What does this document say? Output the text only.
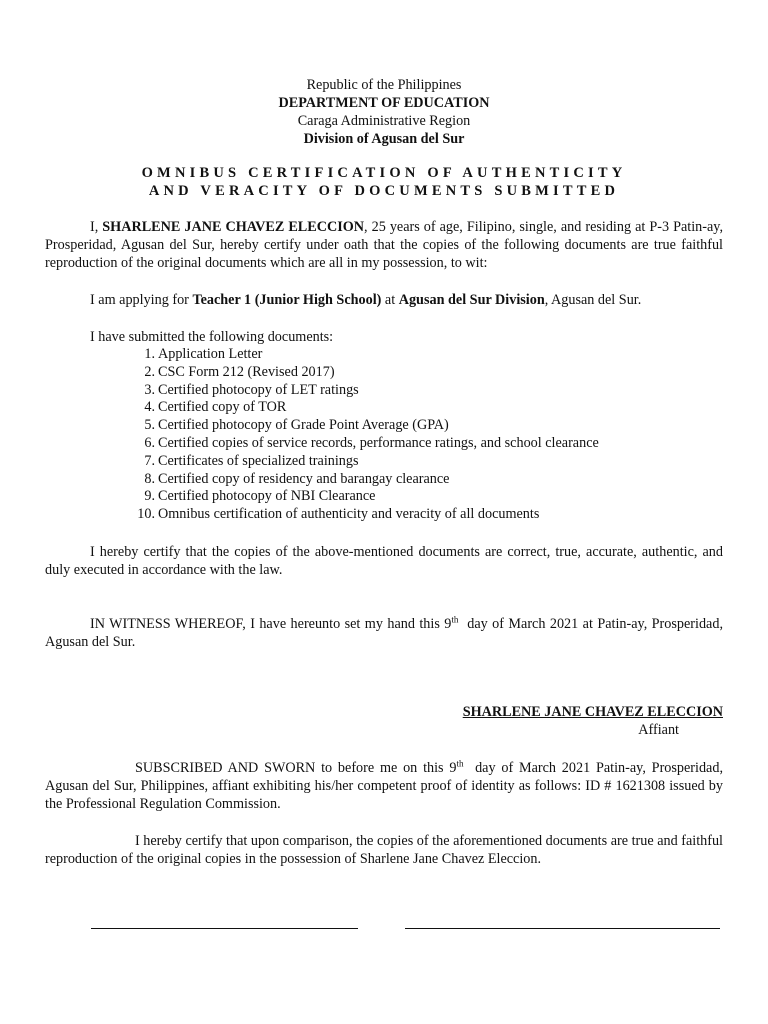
Republic of the Philippines
DEPARTMENT OF EDUCATION
Caraga Administrative Region
Division of Agusan del Sur
OMNIBUS CERTIFICATION OF AUTHENTICITY
AND VERACITY OF DOCUMENTS SUBMITTED

I, SHARLENE JANE CHAVEZ ELECCION, 25 years of age, Filipino, single, and residing at P-3 Patin-ay, Prosperidad, Agusan del Sur, hereby certify under oath that the copies of the following documents are true faithful reproduction of the original documents which are all in my possession, to wit:

I am applying for Teacher 1 (Junior High School) at Agusan del Sur Division, Agusan del Sur.

I have submitted the following documents:

1. Application Letter
2. CSC Form 212 (Revised 2017)
3. Certified photocopy of LET ratings
4. Certified copy of TOR
5. Certified photocopy of Grade Point Average (GPA)
6. Certified copies of service records, performance ratings, and school clearance
7. Certificates of specialized trainings
8. Certified copy of residency and barangay clearance
9. Certified photocopy of NBI Clearance
10. Omnibus certification of authenticity and veracity of all documents

I hereby certify that the copies of the above-mentioned documents are correct, true, accurate, authentic, and duly executed in accordance with the law.

IN WITNESS WHEREOF, I have hereunto set my hand this 9th  day of March 2021 at Patin-ay, Prosperidad, Agusan del Sur.

SHARLENE JANE CHAVEZ ELECCION
Affiant

SUBSCRIBED AND SWORN to before me on this 9th  day of March 2021 Patin-ay, Prosperidad, Agusan del Sur, Philippines, affiant exhibiting his/her competent proof of identity as follows: ID # 1621308 issued by the Professional Regulation Commission.

I hereby certify that upon comparison, the copies of the aforementioned documents are true and faithful reproduction of the original copies in the possession of Sharlene Jane Chavez Eleccion.
